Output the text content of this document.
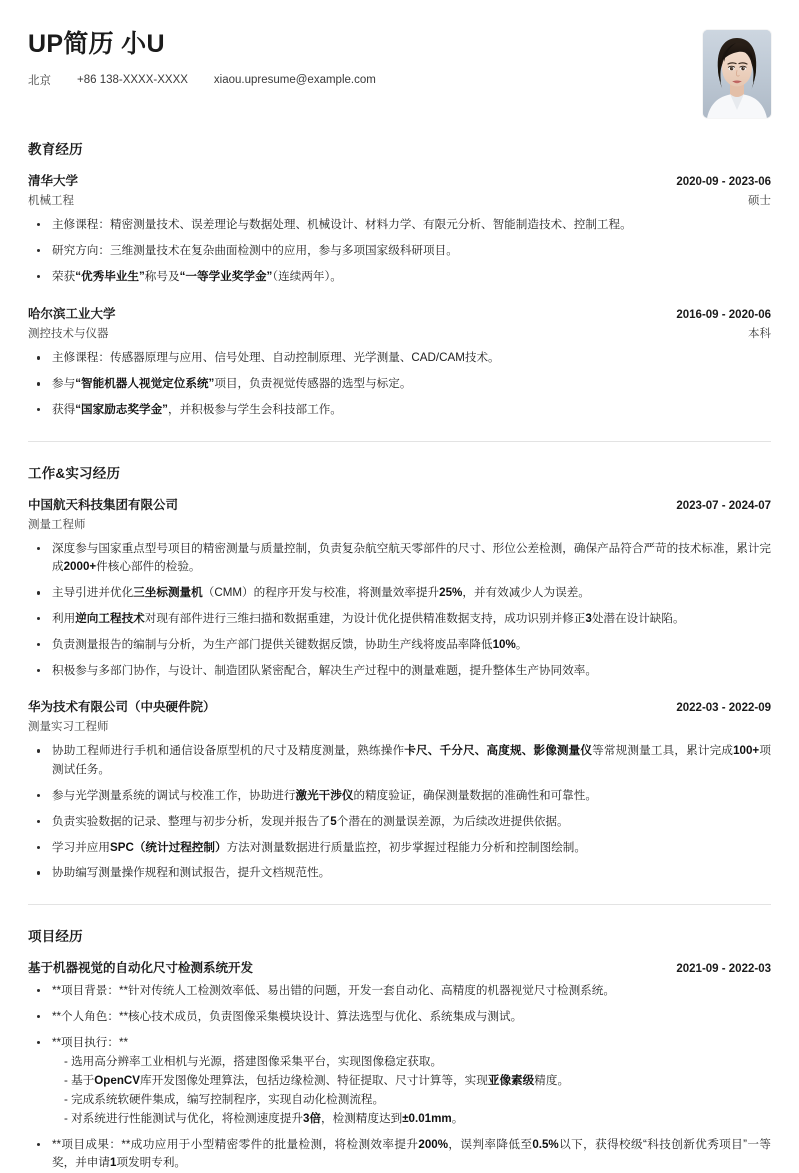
UP简历 小U
北京 +86 138-XXXX-XXXX xiaou.upresume@example.com
教育经历
清华大学	2020-09 - 2023-06
机械工程	硕士
主修课程：精密测量技术、误差理论与数据处理、机械设计、材料力学、有限元分析、智能制造技术、控制工程。
研究方向：三维测量技术在复杂曲面检测中的应用，参与多项国家级科研项目。
荣获“优秀毕业生”称号及“一等学业奖学金”（连续两年）。
哈尔滨工业大学	2016-09 - 2020-06
测控技术与仪器	本科
主修课程：传感器原理与应用、信号处理、自动控制原理、光学测量、CAD/CAM技术。
参与“智能机器人视觉定位系统”项目，负责视觉传感器的选型与标定。
获得“国家励志奖学金”，并积极参与学生会科技部工作。
工作&实习经历
中国航天科技集团有限公司	2023-07 - 2024-07
测量工程师
深度参与国家重点型号项目的精密测量与质量控制，负责复杂航空航天零部件的尺寸、形位公差检测，确保产品符合严苛的技术标准，累计完成2000+件核心部件的检验。
主导引进并优化三坐标测量机（CMM）的程序开发与校准，将测量效率提升25%，并有效减少人为误差。
利用逆向工程技术对现有部件进行三维扫描和数据重建，为设计优化提供精准数据支持，成功识别并修正3处潜在设计缺陷。
负责测量报告的编制与分析，为生产部门提供关键数据反馈，协助生产线将废品率降低10%。
积极参与多部门协作，与设计、制造团队紧密配合，解决生产过程中的测量难题，提升整体生产协同效率。
华为技术有限公司（中央硬件院）	2022-03 - 2022-09
测量实习工程师
协助工程师进行手机和通信设备原型机的尺寸及精度测量，熟练操作卡尺、千分尺、高度规、影像测量仪等常规测量工具，累计完成100+项测试任务。
参与光学测量系统的调试与校准工作，协助进行激光干涉仪的精度验证，确保测量数据的准确性和可靠性。
负责实验数据的记录、整理与初步分析，发现并报告了5个潜在的测量误差源，为后续改进提供依据。
学习并应用SPC（统计过程控制）方法对测量数据进行质量监控，初步掌握过程能力分析和控制图绘制。
协助编写测量操作规程和测试报告，提升文档规范性。
项目经历
基于机器视觉的自动化尺寸检测系统开发	2021-09 - 2022-03
**项目背景：**针对传统人工检测效率低、易出错的问题，开发一套自动化、高精度的机器视觉尺寸检测系统。
**个人角色：**核心技术成员，负责图像采集模块设计、算法选型与优化、系统集成与测试。
**项目执行：**
- 选用高分辨率工业相机与光源，搭建图像采集平台，实现图像稳定获取。
- 基于OpenCV库开发图像处理算法，包括边缘检测、特征提取、尺寸计算等，实现亚像素级精度。
- 完成系统软硬件集成，编写控制程序，实现自动化检测流程。
- 对系统进行性能测试与优化，将检测速度提升3倍，检测精度达到±0.01mm。
**项目成果：**成功应用于小型精密零件的批量检测，将检测效率提升200%，误判率降低至0.5%以下，获得校级“科技创新优秀项目”一等奖，并申请1项发明专利。
